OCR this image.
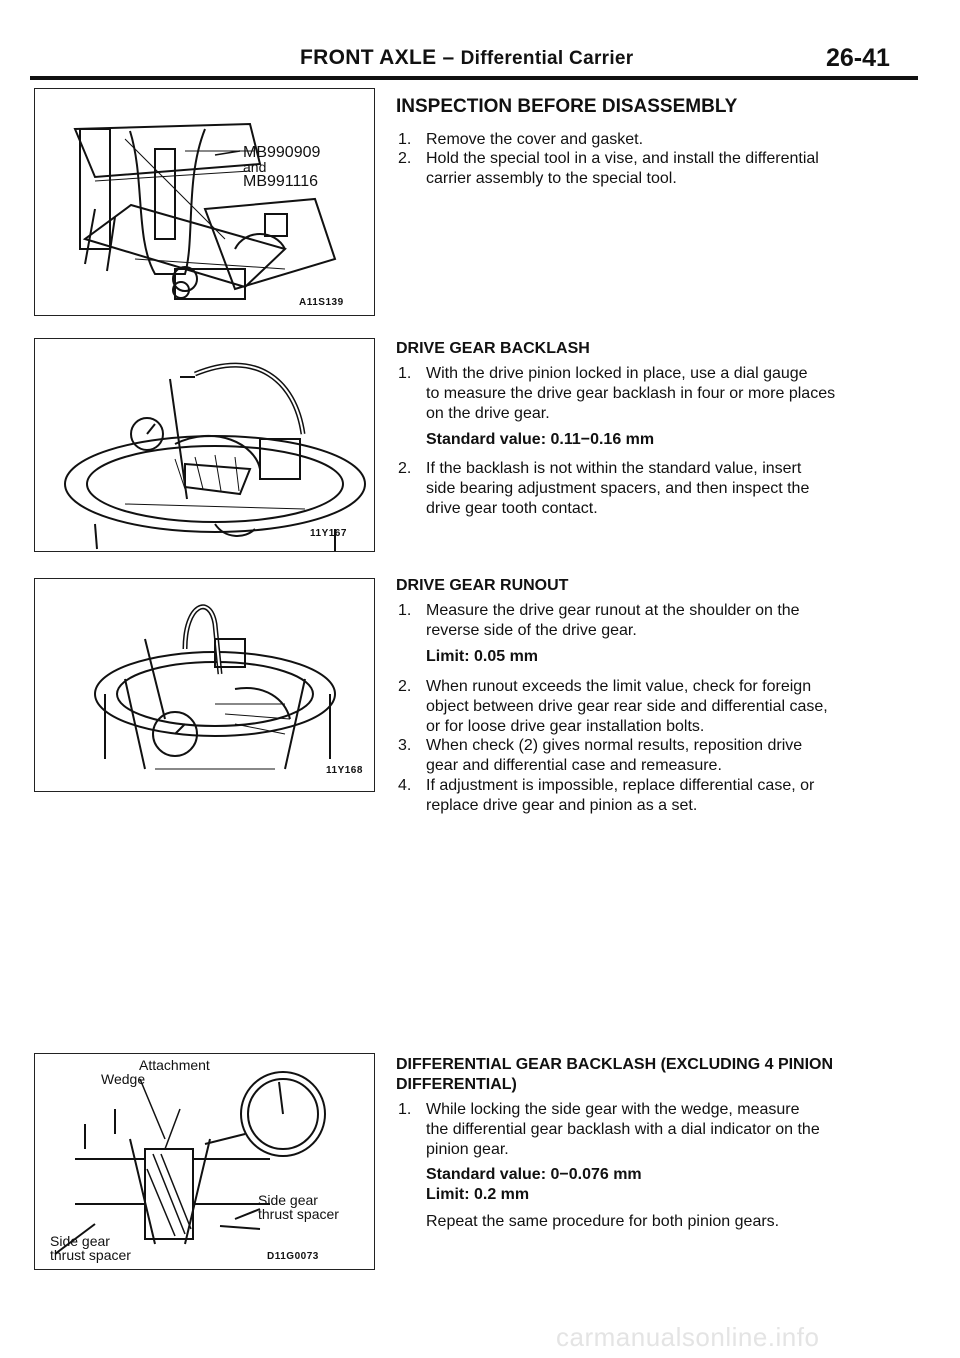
FRONT AXLE – Differential Carrier	26-41
MB990909
and
MB991116
A11S139
11Y167
11Y168
Attachment
Wedge
Side gear
thrust spacer
Side gear
thrust spacer	D11G0073
INSPECTION BEFORE DISASSEMBLY
1. Remove the cover and gasket.
2. Hold the special tool in a vise, and install the differential
carrier assembly to the special tool.
DRIVE GEAR BACKLASH
1. With the drive pinion locked in place, use a dial gauge
to measure the drive gear backlash in four or more places
on the drive gear.
Standard value: 0.11−0.16 mm
2. If the backlash is not within the standard value, insert
side bearing adjustment spacers, and then inspect the
drive gear tooth contact.
DRIVE GEAR RUNOUT
1. Measure the drive gear runout at the shoulder on the
reverse side of the drive gear.
Limit: 0.05 mm
2. When runout exceeds the limit value, check for foreign
object between drive gear rear side and differential case,
or for loose drive gear installation bolts.
3. When check (2) gives normal results, reposition drive
gear and differential case and remeasure.
4. If adjustment is impossible, replace differential case, or
replace drive gear and pinion as a set.
DIFFERENTIAL GEAR BACKLASH (EXCLUDING 4 PINION
DIFFERENTIAL)
1. While locking the side gear with the wedge, measure
the differential gear backlash with a dial indicator on the
pinion gear.
Standard value: 0−0.076 mm
Limit: 0.2 mm
Repeat the same procedure for both pinion gears.
carmanualsonline.info
